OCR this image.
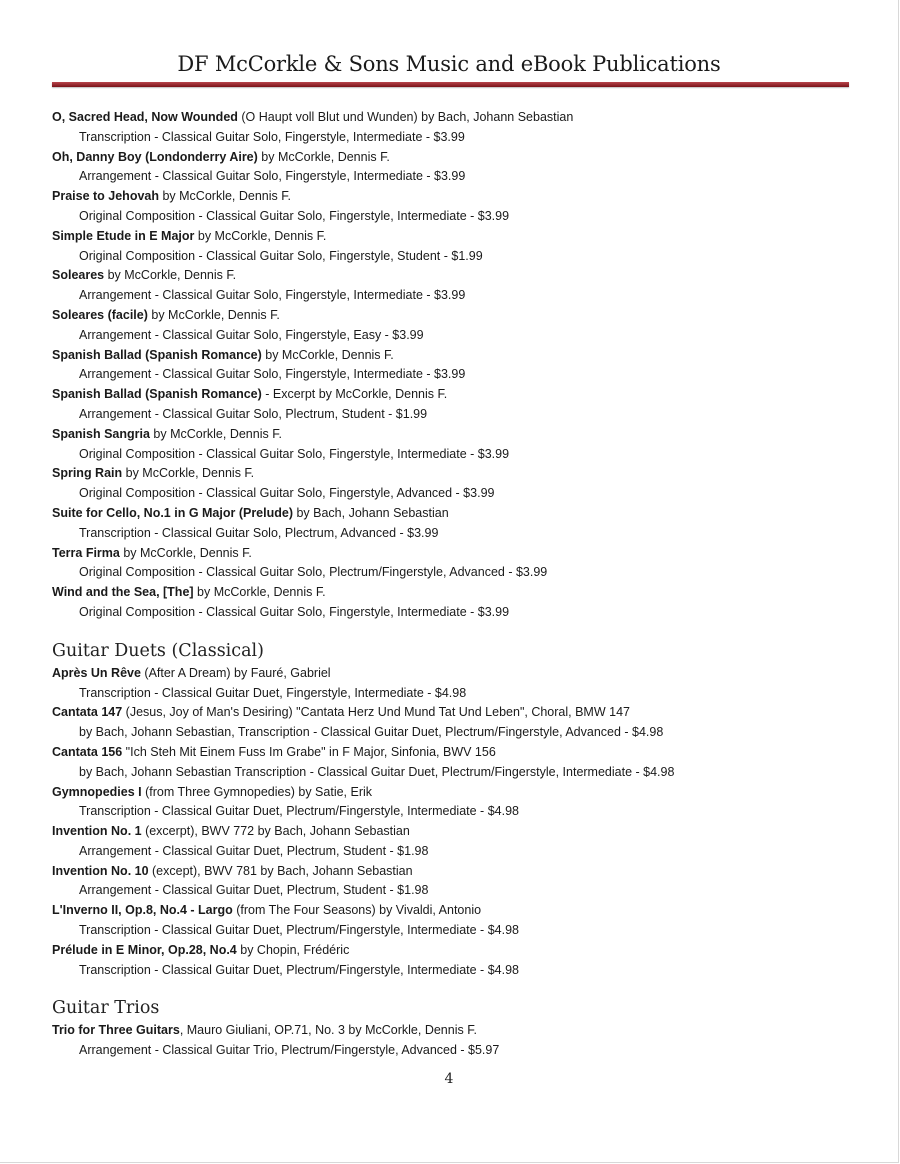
DF McCorkle & Sons Music and eBook Publications
O, Sacred Head, Now Wounded (O Haupt voll Blut und Wunden) by Bach, Johann Sebastian
Transcription - Classical Guitar Solo, Fingerstyle, Intermediate - $3.99
Oh, Danny Boy (Londonderry Aire) by McCorkle, Dennis F.
Arrangement - Classical Guitar Solo, Fingerstyle, Intermediate - $3.99
Praise to Jehovah by McCorkle, Dennis F.
Original Composition - Classical Guitar Solo, Fingerstyle, Intermediate - $3.99
Simple Etude in E Major by McCorkle, Dennis F.
Original Composition - Classical Guitar Solo, Fingerstyle, Student - $1.99
Soleares by McCorkle, Dennis F.
Arrangement - Classical Guitar Solo, Fingerstyle, Intermediate - $3.99
Soleares (facile) by McCorkle, Dennis F.
Arrangement - Classical Guitar Solo, Fingerstyle, Easy - $3.99
Spanish Ballad (Spanish Romance) by McCorkle, Dennis F.
Arrangement - Classical Guitar Solo, Fingerstyle, Intermediate - $3.99
Spanish Ballad (Spanish Romance) - Excerpt by McCorkle, Dennis F.
Arrangement - Classical Guitar Solo, Plectrum, Student - $1.99
Spanish Sangria by McCorkle, Dennis F.
Original Composition - Classical Guitar Solo, Fingerstyle, Intermediate - $3.99
Spring Rain by McCorkle, Dennis F.
Original Composition - Classical Guitar Solo, Fingerstyle, Advanced - $3.99
Suite for Cello, No.1 in G Major (Prelude) by Bach, Johann Sebastian
Transcription - Classical Guitar Solo, Plectrum, Advanced - $3.99
Terra Firma by McCorkle, Dennis F.
Original Composition - Classical Guitar Solo, Plectrum/Fingerstyle, Advanced - $3.99
Wind and the Sea, [The] by McCorkle, Dennis F.
Original Composition - Classical Guitar Solo, Fingerstyle, Intermediate - $3.99
Guitar Duets (Classical)
Après Un Rêve (After A Dream) by Fauré, Gabriel
Transcription - Classical Guitar Duet, Fingerstyle, Intermediate - $4.98
Cantata 147 (Jesus, Joy of Man's Desiring) "Cantata Herz Und Mund Tat Und Leben", Choral, BMW 147
by Bach, Johann Sebastian, Transcription - Classical Guitar Duet, Plectrum/Fingerstyle, Advanced - $4.98
Cantata 156 "Ich Steh Mit Einem Fuss Im Grabe" in F Major, Sinfonia, BWV 156
by Bach, Johann Sebastian Transcription - Classical Guitar Duet, Plectrum/Fingerstyle, Intermediate - $4.98
Gymnopedies I (from Three Gymnopedies) by Satie, Erik
Transcription - Classical Guitar Duet, Plectrum/Fingerstyle, Intermediate - $4.98
Invention No. 1 (excerpt), BWV 772 by Bach, Johann Sebastian
Arrangement - Classical Guitar Duet, Plectrum, Student - $1.98
Invention No. 10 (except), BWV 781 by Bach, Johann Sebastian
Arrangement - Classical Guitar Duet, Plectrum, Student - $1.98
L'Inverno II, Op.8, No.4 - Largo (from The Four Seasons) by Vivaldi, Antonio
Transcription - Classical Guitar Duet, Plectrum/Fingerstyle, Intermediate - $4.98
Prélude in E Minor, Op.28, No.4 by Chopin, Frédéric
Transcription - Classical Guitar Duet, Plectrum/Fingerstyle, Intermediate - $4.98
Guitar Trios
Trio for Three Guitars, Mauro Giuliani, OP.71, No. 3 by McCorkle, Dennis F.
Arrangement - Classical Guitar Trio, Plectrum/Fingerstyle, Advanced - $5.97
4
